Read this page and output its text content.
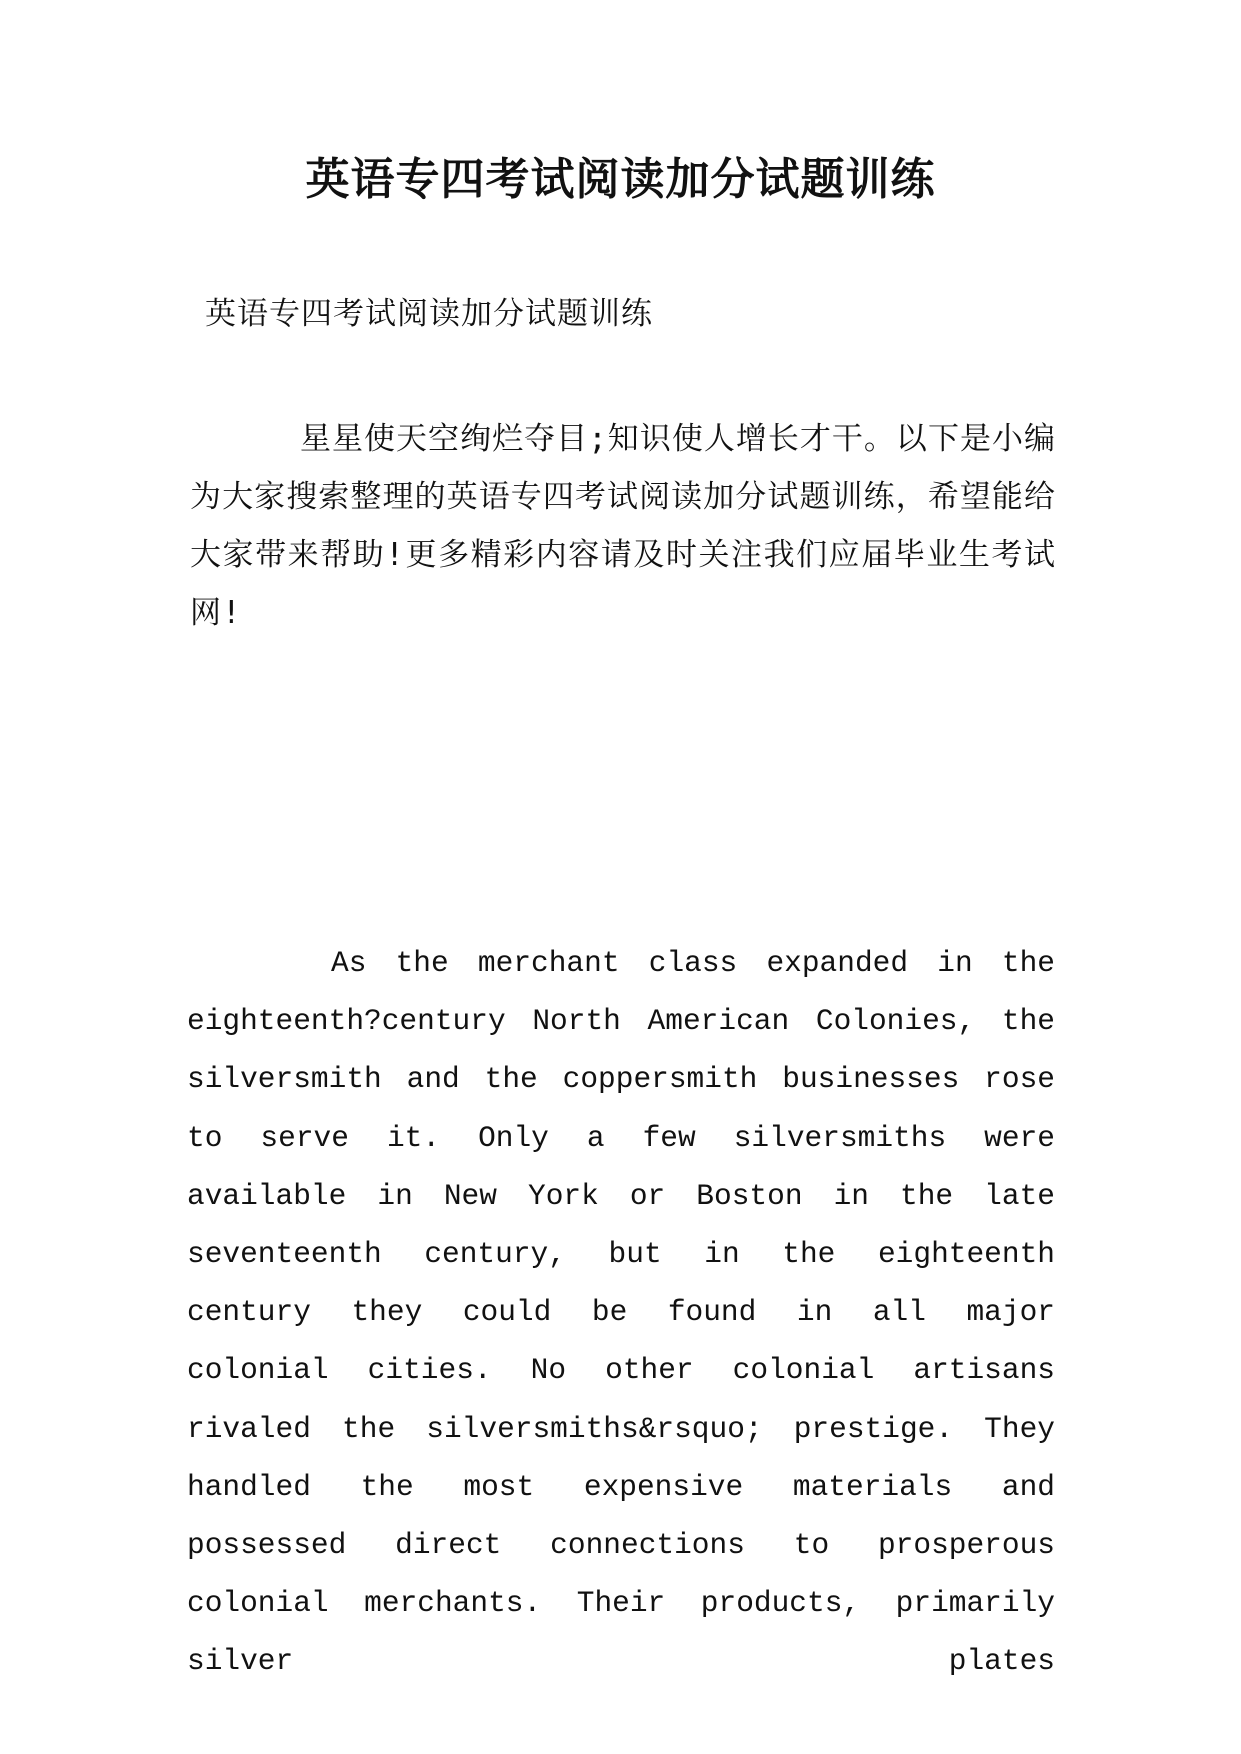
英语专四考试阅读加分试题训练
英语专四考试阅读加分试题训练
星星使天空绚烂夺目;知识使人增长才干。以下是小编为大家搜索整理的英语专四考试阅读加分试题训练，希望能给大家带来帮助!更多精彩内容请及时关注我们应届毕业生考试网!
As the merchant class expanded in the eighteenth?century North American Colonies, the silversmith and the coppersmith businesses rose to serve it. Only a few silversmiths were available in New York or Boston in the late seventeenth century, but in the eighteenth century they could be found in all major colonial cities. No other colonial artisans rivaled the silversmiths&rsquo; prestige. They handled the most expensive materials and possessed direct connections to prosperous colonial merchants. Their products, primarily silver plates
